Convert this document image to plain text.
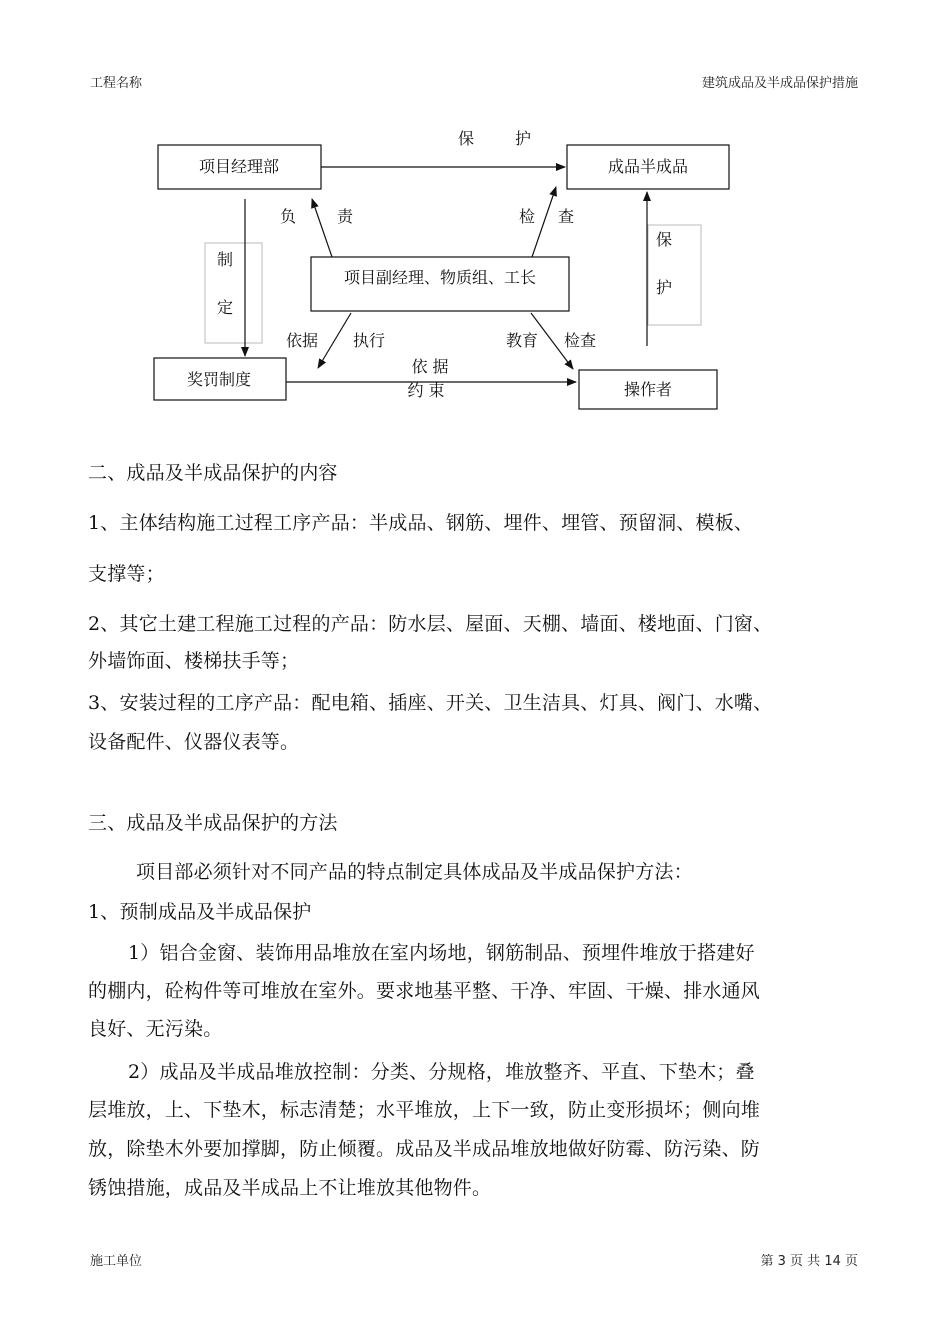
工程名称	建筑成品及半成品保护措施
项目经理部	成品半成品
项目副经理、物质组、工长
奖罚制度
操作者
保	护
负	责	检 查
制
定
保
护
依据 执行	教育 检查
依 据
约 束
二、成品及半成品保护的内容
1、主体结构施工过程工序产品：半成品、钢筋、埋件、埋管、预留洞、模板、
支撑等；
2、其它土建工程施工过程的产品：防水层、屋面、天棚、墙面、楼地面、门窗、
外墙饰面、楼梯扶手等；
3、安装过程的工序产品：配电箱、插座、开关、卫生洁具、灯具、阀门、水嘴、
设备配件、仪器仪表等。
三、成品及半成品保护的方法
项目部必须针对不同产品的特点制定具体成品及半成品保护方法：
1、预制成品及半成品保护
1）铝合金窗、装饰用品堆放在室内场地，钢筋制品、预埋件堆放于搭建好
的棚内，砼构件等可堆放在室外。要求地基平整、干净、牢固、干燥、排水通风
良好、无污染。
2）成品及半成品堆放控制：分类、分规格，堆放整齐、平直、下垫木；叠
层堆放，上、下垫木，标志清楚；水平堆放，上下一致，防止变形损坏；侧向堆
放，除垫木外要加撑脚，防止倾覆。成品及半成品堆放地做好防霉、防污染、防
锈蚀措施，成品及半成品上不让堆放其他物件。
施工单位	第 3 页 共 14 页
